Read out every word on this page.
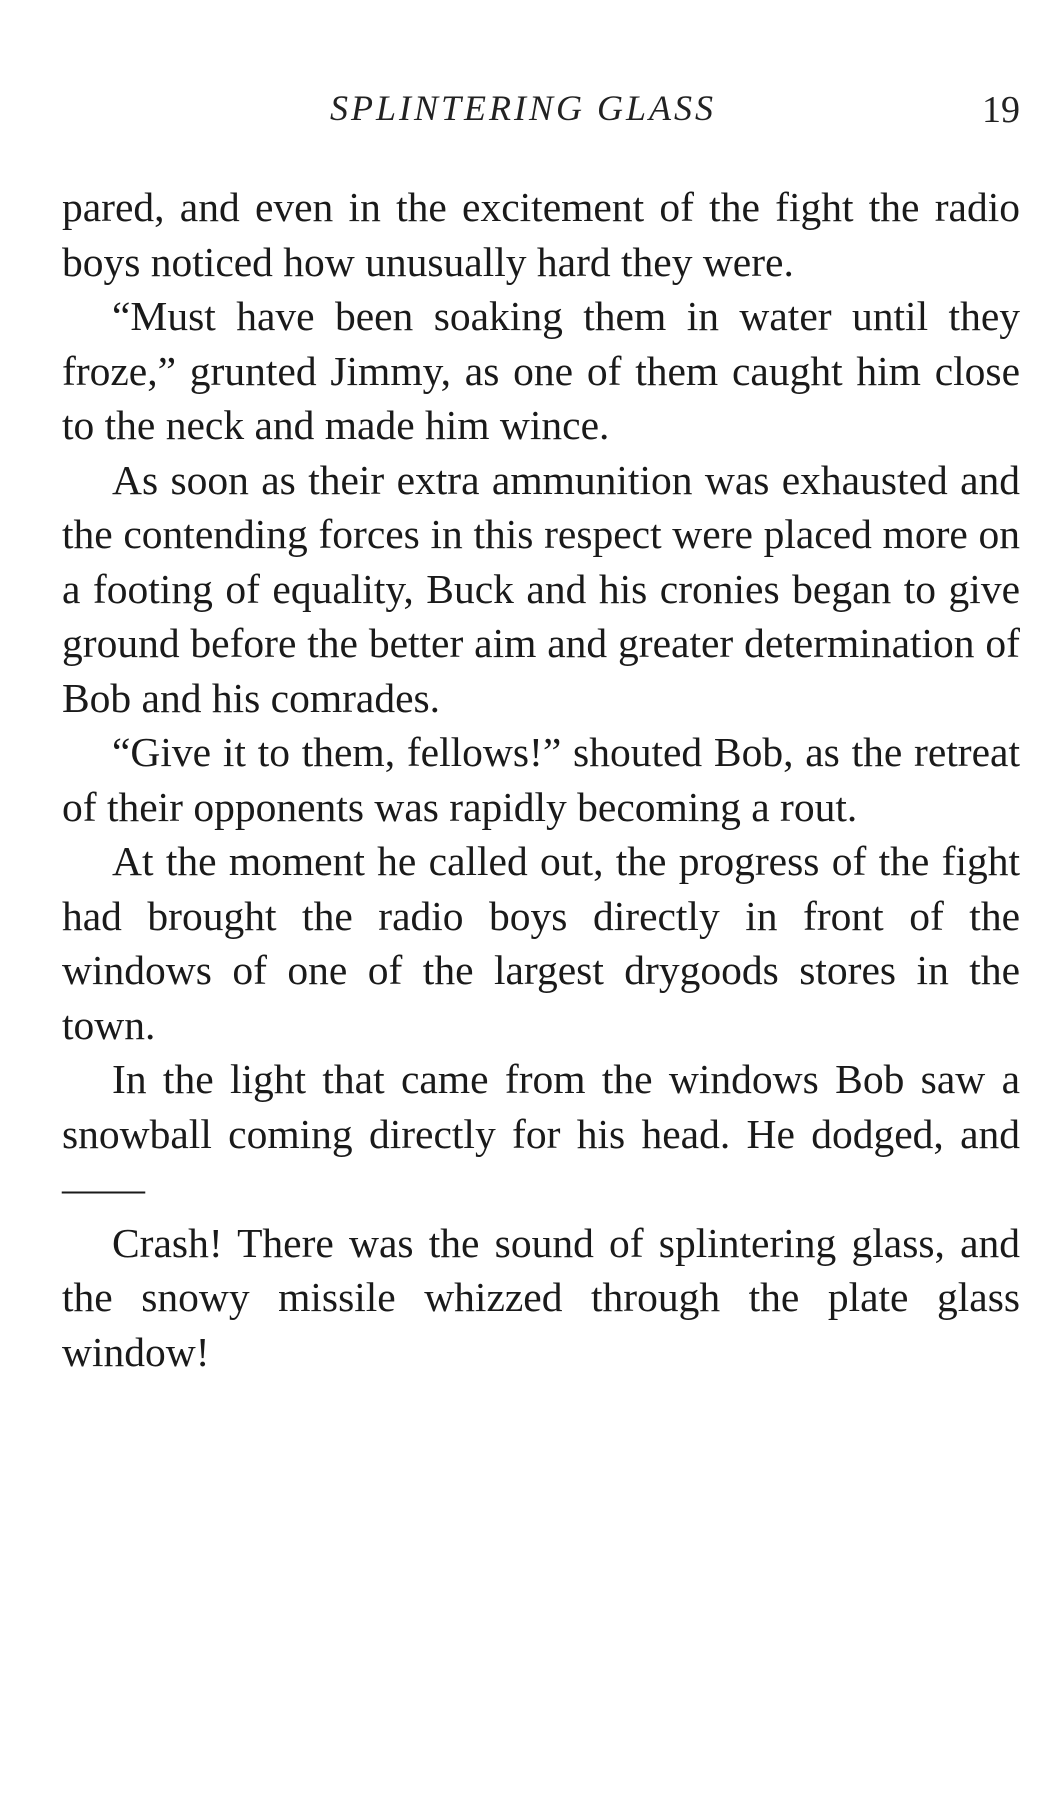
SPLINTERING GLASS	19

pared, and even in the excitement of the fight the radio boys noticed how unusually hard they were.

“Must have been soaking them in water until they froze,” grunted Jimmy, as one of them caught him close to the neck and made him wince.

As soon as their extra ammunition was exhausted and the contending forces in this respect were placed more on a footing of equality, Buck and his cronies began to give ground before the better aim and greater determination of Bob and his comrades.

“Give it to them, fellows!” shouted Bob, as the retreat of their opponents was rapidly becoming a rout.

At the moment he called out, the progress of the fight had brought the radio boys directly in front of the windows of one of the largest drygoods stores in the town.

In the light that came from the windows Bob saw a snowball coming directly for his head. He dodged, and——

Crash! There was the sound of splintering glass, and the snowy missile whizzed through the plate glass window!
